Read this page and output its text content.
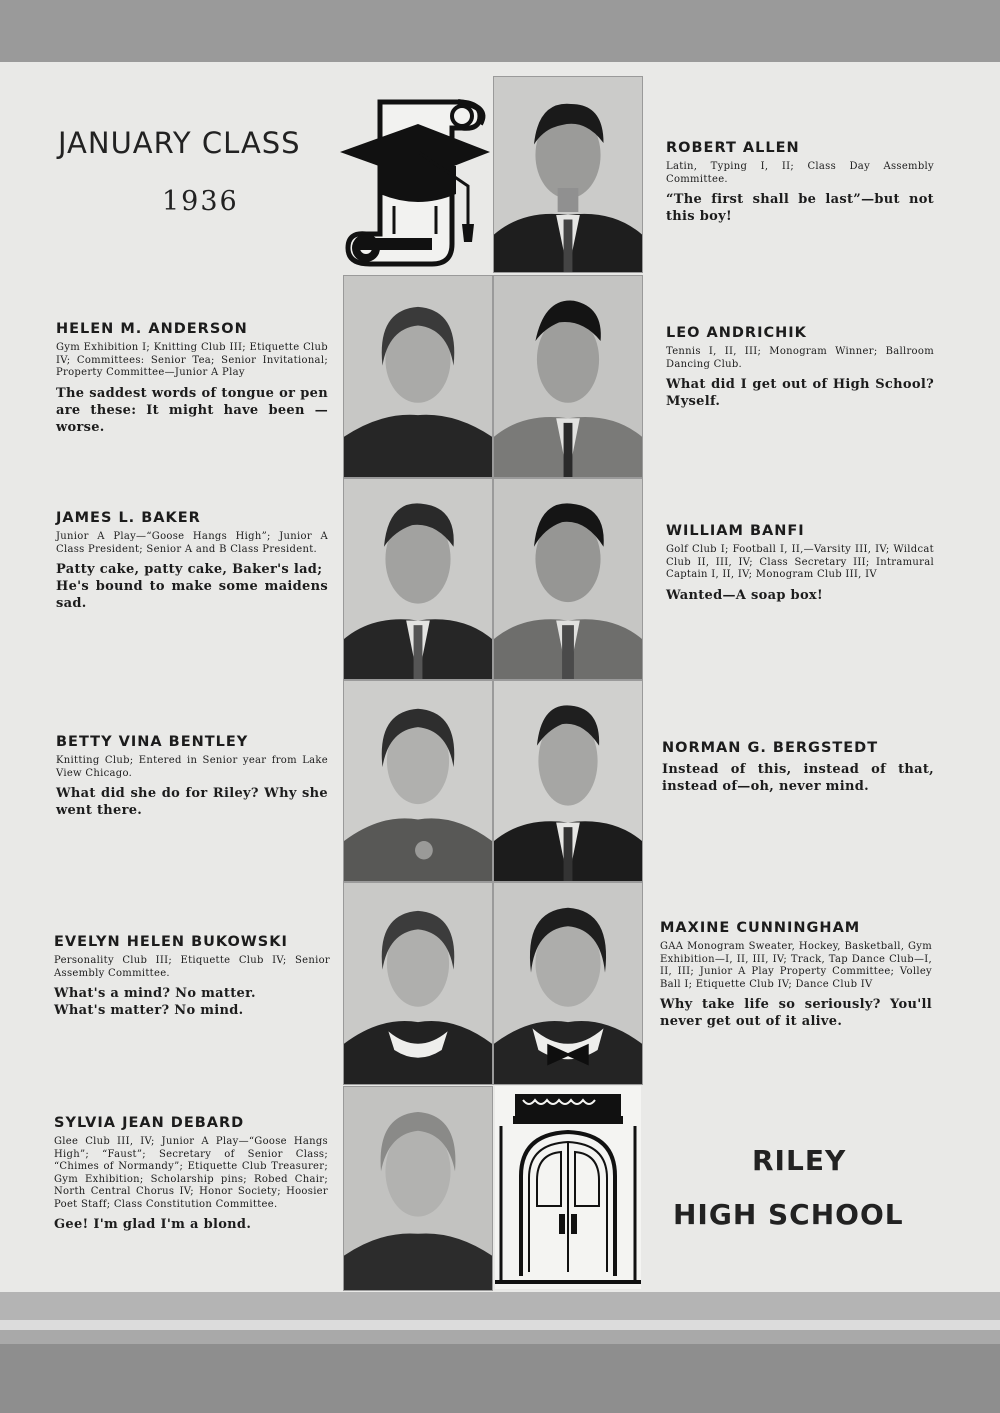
JANUARY CLASS
1936
RILEY
HIGH SCHOOL
HELEN M. ANDERSON
Gym Exhibition I; Knitting Club III; Etiquette Club IV; Committees: Senior Tea; Senior Invitational; Property Committee—Junior A Play
The saddest words of tongue or pen are these: It might have been —worse.
JAMES L. BAKER
Junior A Play—“Goose Hangs High”; Junior A Class President; Senior A and B Class President.
Patty cake, patty cake, Baker's lad;
He's bound to make some maidens sad.
BETTY VINA BENTLEY
Knitting Club; Entered in Senior year from Lake View Chicago.
What did she do for Riley? Why she went there.
EVELYN HELEN BUKOWSKI
Personality Club III; Etiquette Club IV; Senior Assembly Committee.
What's a mind? No matter.
What's matter? No mind.
SYLVIA JEAN DEBARD
Glee Club III, IV; Junior A Play—“Goose Hangs High”; “Faust”; Secretary of Senior Class; “Chimes of Normandy”; Etiquette Club Treasurer; Gym Exhibition; Scholarship pins; Robed Chair; North Central Chorus IV; Honor Society; Hoosier Poet Staff; Class Constitution Committee.
Gee! I'm glad I'm a blond.
ROBERT ALLEN
Latin, Typing I, II; Class Day Assembly Committee.
“The first shall be last”—but not this boy!
LEO ANDRICHIK
Tennis I, II, III; Monogram Winner; Ballroom Dancing Club.
What did I get out of High School? Myself.
WILLIAM BANFI
Golf Club I; Football I, II,—Varsity III, IV; Wildcat Club II, III, IV; Class Secretary III; Intramural Captain I, II, IV; Monogram Club III, IV
Wanted—A soap box!
NORMAN G. BERGSTEDT
Instead of this, instead of that, instead of—oh, never mind.
MAXINE CUNNINGHAM
GAA Monogram Sweater, Hockey, Basketball, Gym Exhibition—I, II, III, IV; Track, Tap Dance Club—I, II, III; Junior A Play Property Committee; Volley Ball I; Etiquette Club IV; Dance Club IV
Why take life so seriously? You'll never get out of it alive.
